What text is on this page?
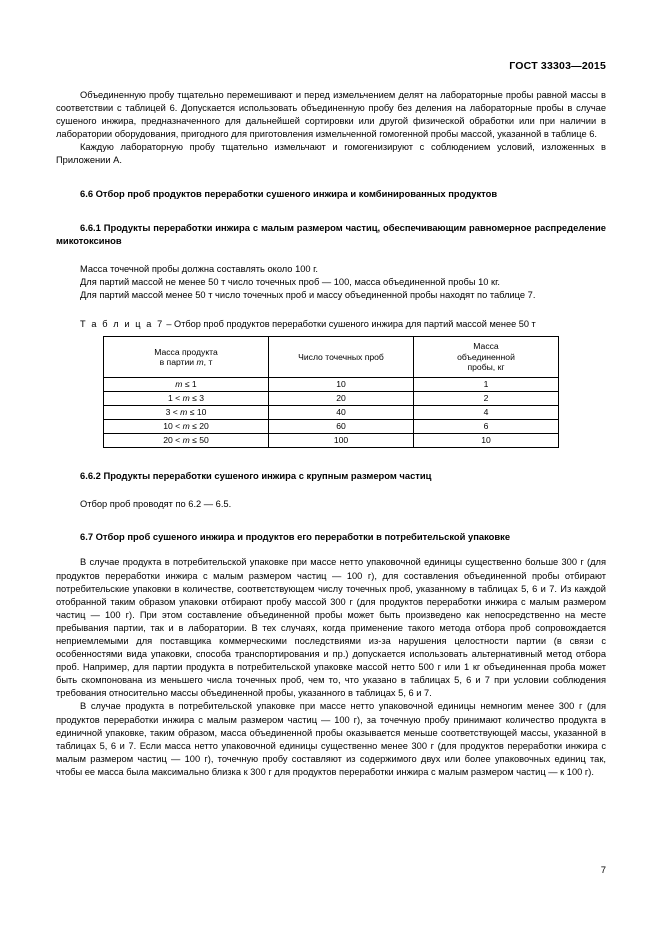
ГОСТ 33303—2015

Объединенную пробу тщательно перемешивают и перед измельчением делят на лабораторные пробы равной массы в соответствии с таблицей 6. Допускается использовать объединенную пробу без деления на лабораторные пробы в случае сушеного инжира, предназначенного для дальнейшей сортировки или другой физической обработки или при наличии в лаборатории оборудования, пригодного для приготовления измельченной гомогенной пробы массой, указанной в таблице 6.

Каждую лабораторную пробу тщательно измельчают и гомогенизируют с соблюдением условий, изложенных в Приложении А.

6.6 Отбор проб продуктов переработки сушеного инжира и комбинированных продуктов
6.6.1 Продукты переработки инжира с малым размером частиц, обеспечивающим равномерное распределение микотоксинов

Масса точечной пробы должна составлять около 100 г.

Для партий массой не менее 50 т число точечных проб — 100, масса объединенной пробы 10 кг.

Для партий массой менее 50 т число точечных проб и массу объединенной пробы находят по таблице 7.

Т а б л и ц а 7 – Отбор проб продуктов переработки сушеного инжира для партий массой менее 50 т

Масса продукта
в партии m, т	Число точечных проб	Масса
объединенной
пробы, кг
m ≤ 1	10	1
1 < m ≤ 3	20	2
3 < m ≤ 10	40	4
10 < m ≤ 20	60	6
20 < m ≤ 50	100	10
6.6.2 Продукты переработки сушеного инжира с крупным размером частиц

Отбор проб проводят по 6.2 — 6.5.

6.7 Отбор проб сушеного инжира и продуктов его переработки в потребительской упаковке

В случае продукта в потребительской упаковке при массе нетто упаковочной единицы существенно больше 300 г (для продуктов переработки инжира с малым размером частиц — 100 г), для составления объединенной пробы отбирают потребительские упаковки в количестве, соответствующем числу точечных проб, указанному в таблицах 5, 6 и 7. Из каждой отобранной таким образом упаковки отбирают пробу массой 300 г (для продуктов переработки инжира с малым размером частиц — 100 г). При этом составление объединенной пробы может быть произведено как непосредственно на месте пребывания партии, так и в лаборатории. В тех случаях, когда применение такого метода отбора проб сопровождается неприемлемыми для поставщика коммерческими последствиями из-за нарушения целостности партии (в связи с особенностями вида упаковки, способа транспортирования и пр.) допускается использовать альтернативный метод отбора проб. Например, для партии продукта в потребительской упаковке массой нетто 500 г или 1 кг объединенная проба может быть скомпонована из меньшего числа точечных проб, чем то, что указано в таблицах 5, 6 и 7 при условии соблюдения требования относительно массы объединенной пробы, указанного в таблицах 5, 6 и 7.

В случае продукта в потребительской упаковке при массе нетто упаковочной единицы немногим менее 300 г (для продуктов переработки инжира с малым размером частиц — 100 г), за точечную пробу принимают количество продукта в единичной упаковке, таким образом, масса объединенной пробы оказывается меньше соответствующей массы, указанной в таблицах 5, 6 и 7. Если масса нетто упаковочной единицы существенно менее 300 г (для продуктов переработки инжира с малым размером частиц — 100 г), точечную пробу составляют из содержимого двух или более упаковочных единиц так, чтобы ее масса была максимально близка к 300 г для продуктов переработки инжира с малым размером частиц — к 100 г).

7
